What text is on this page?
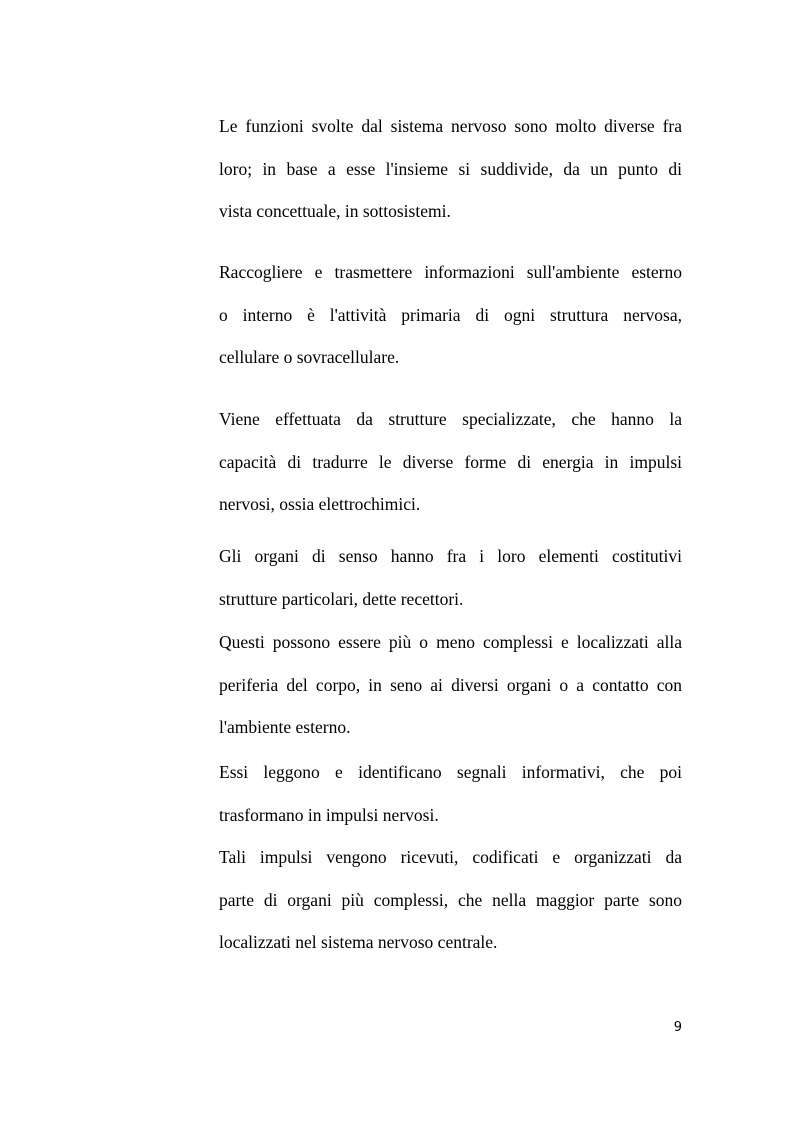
Le funzioni svolte dal sistema nervoso sono molto diverse fra
loro; in base a esse l'insieme si suddivide, da un punto di
vista concettuale, in sottosistemi.
Raccogliere e trasmettere informazioni sull'ambiente esterno
o interno è l'attività primaria di ogni struttura nervosa,
cellulare o sovracellulare.
Viene effettuata da strutture specializzate, che hanno la
capacità di tradurre le diverse forme di energia in impulsi
nervosi, ossia elettrochimici.
Gli organi di senso hanno fra i loro elementi costitutivi
strutture particolari, dette recettori.
Questi possono essere più o meno complessi e localizzati alla
periferia del corpo, in seno ai diversi organi o a contatto con
l'ambiente esterno.
Essi leggono e identificano segnali informativi, che poi
trasformano in impulsi nervosi.
Tali impulsi vengono ricevuti, codificati e organizzati da
parte di organi più complessi, che nella maggior parte sono
localizzati nel sistema nervoso centrale.
9
